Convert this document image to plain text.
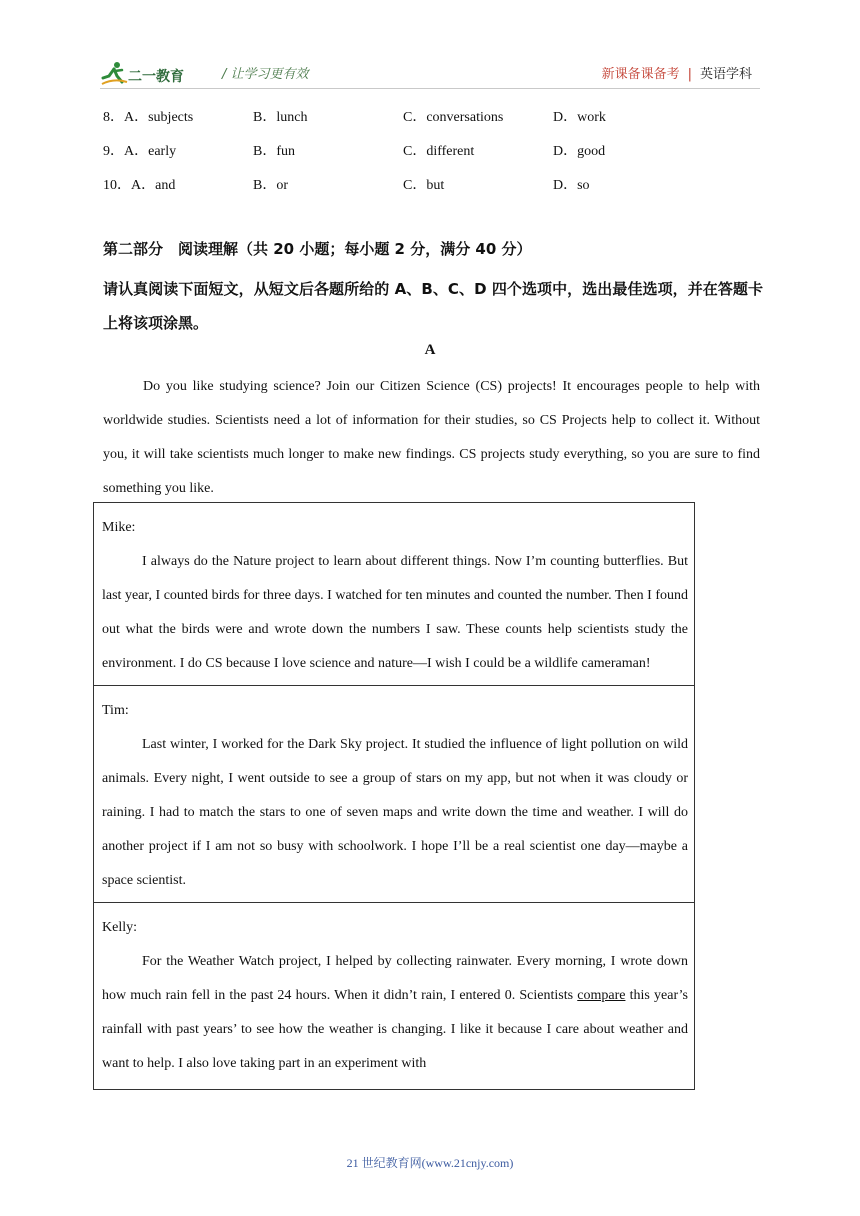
二一教育	/ 让学习更有效	新课备课备考 | 英语学科
8．A．subjects	B．lunch	C．conversations	D．work
9．A．early	B．fun	C．different	D．good
10．A．and	B．or	C．but	D．so
第二部分　阅读理解（共 20 小题；每小题 2 分，满分 40 分）
请认真阅读下面短文，从短文后各题所给的 A、B、C、D 四个选项中，选出最佳选项，并在答题卡上将该项涂黑。
A
Do you like studying science? Join our Citizen Science (CS) projects! It encourages people to help with worldwide studies. Scientists need a lot of information for their studies, so CS Projects help to collect it. Without you, it will take scientists much longer to make new findings. CS projects study everything, so you are sure to find something you like.
Mike:
I always do the Nature project to learn about different things. Now I’m counting butterflies. But last year, I counted birds for three days. I watched for ten minutes and counted the number. Then I found out what the birds were and wrote down the numbers I saw. These counts help scientists study the environment. I do CS because I love science and nature—I wish I could be a wildlife cameraman!
Tim:
Last winter, I worked for the Dark Sky project. It studied the influence of light pollution on wild animals. Every night, I went outside to see a group of stars on my app, but not when it was cloudy or raining. I had to match the stars to one of seven maps and write down the time and weather. I will do another project if I am not so busy with schoolwork. I hope I’ll be a real scientist one day—maybe a space scientist.
Kelly:
For the Weather Watch project, I helped by collecting rainwater. Every morning, I wrote down how much rain fell in the past 24 hours. When it didn’t rain, I entered 0. Scientists compare this year’s rainfall with past years’ to see how the weather is changing. I like it because I care about weather and want to help. I also love taking part in an experiment with
21 世纪教育网(www.21cnjy.com)
